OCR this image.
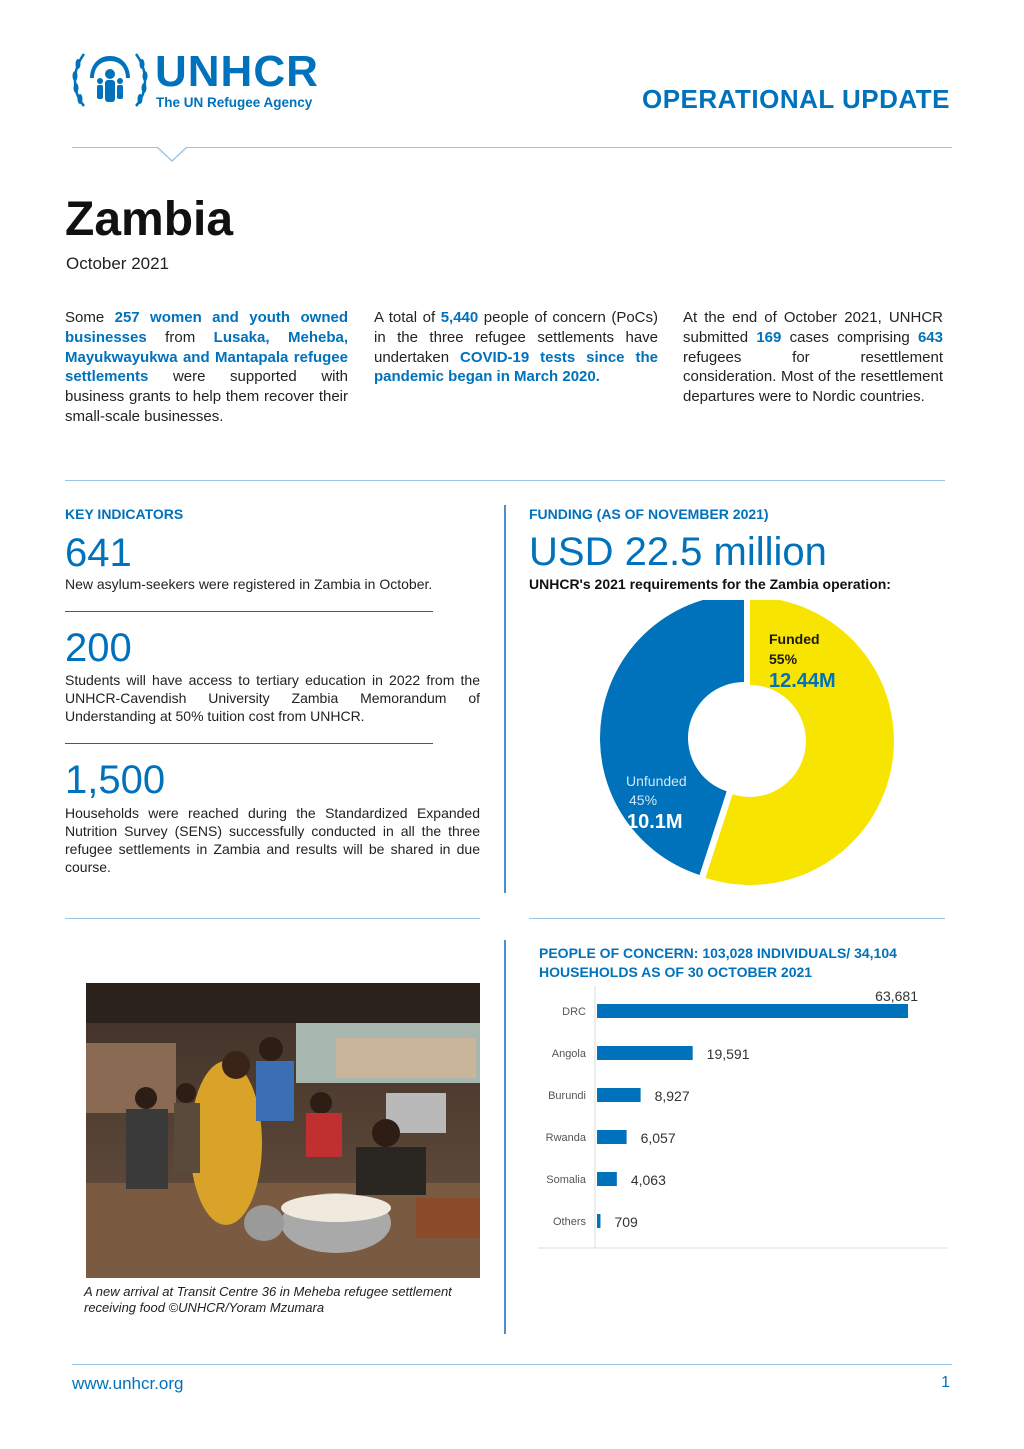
UNHCR
The UN Refugee Agency	OPERATIONAL UPDATE
Zambia
October 2021
Some 257 women and youth owned businesses from Lusaka, Meheba, Mayukwayukwa and Mantapala refugee settlements were supported with business grants to help them recover their small-scale businesses.
A total of 5,440 people of concern (PoCs) in the three refugee settlements have undertaken COVID-19 tests since the pandemic began in March 2020.
At the end of October 2021, UNHCR submitted 169 cases comprising 643 refugees for resettlement consideration. Most of the resettlement departures were to Nordic countries.
KEY INDICATORS
641
New asylum-seekers were registered in Zambia in October.
200
Students will have access to tertiary education in 2022 from the UNHCR-Cavendish University Zambia Memorandum of Understanding at 50% tuition cost from UNHCR.
1,500
Households were reached during the Standardized Expanded Nutrition Survey (SENS) successfully conducted in all the three refugee settlements in Zambia and results will be shared in due course.
FUNDING (AS OF NOVEMBER 2021)
USD 22.5 million
UNHCR's 2021 requirements for the Zambia operation:
Funded
55%
12.44M
Unfunded
45%
10.1M
A new arrival at Transit Centre 36 in Meheba refugee settlement receiving food ©UNHCR/Yoram Mzumara
PEOPLE OF CONCERN: 103,028 INDIVIDUALS/ 34,104 HOUSEHOLDS AS OF 30 OCTOBER 2021
DRC
63,681
Angola	19,591
Burundi	8,927
Rwanda	6,057
Somalia	4,063
Others 709
www.unhcr.org	1
